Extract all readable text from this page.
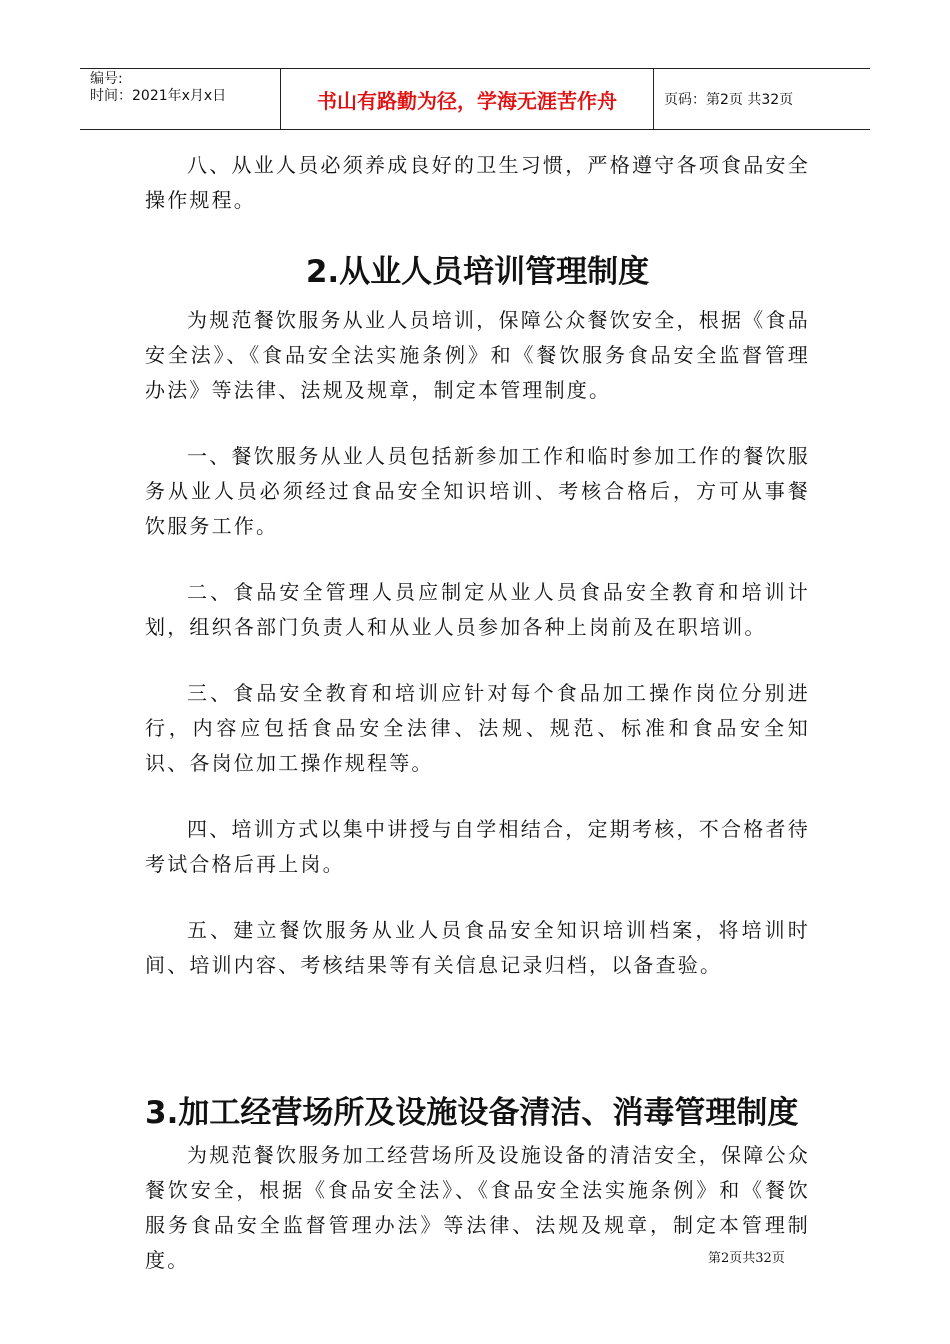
编号:
时间：2021年x月x日	书山有路勤为径，学海无涯苦作舟	页码：第2页 共32页

八、从业人员必须养成良好的卫生习惯，严格遵守各项食品安全操作规程。

2.从业人员培训管理制度

为规范餐饮服务从业人员培训，保障公众餐饮安全，根据《食品安全法》、《食品安全法实施条例》和《餐饮服务食品安全监督管理办法》等法律、法规及规章，制定本管理制度。

一、餐饮服务从业人员包括新参加工作和临时参加工作的餐饮服务从业人员必须经过食品安全知识培训、考核合格后，方可从事餐饮服务工作。

二、食品安全管理人员应制定从业人员食品安全教育和培训计划，组织各部门负责人和从业人员参加各种上岗前及在职培训。

三、食品安全教育和培训应针对每个食品加工操作岗位分别进行，内容应包括食品安全法律、法规、规范、标准和食品安全知识、各岗位加工操作规程等。

四、培训方式以集中讲授与自学相结合，定期考核，不合格者待考试合格后再上岗。

五、建立餐饮服务从业人员食品安全知识培训档案，将培训时间、培训内容、考核结果等有关信息记录归档，以备查验。

3.加工经营场所及设施设备清洁、消毒管理制度

为规范餐饮服务加工经营场所及设施设备的清洁安全，保障公众餐饮安全，根据《食品安全法》、《食品安全法实施条例》和《餐饮服务食品安全监督管理办法》等法律、法规及规章，制定本管理制度。	第2页共32页
